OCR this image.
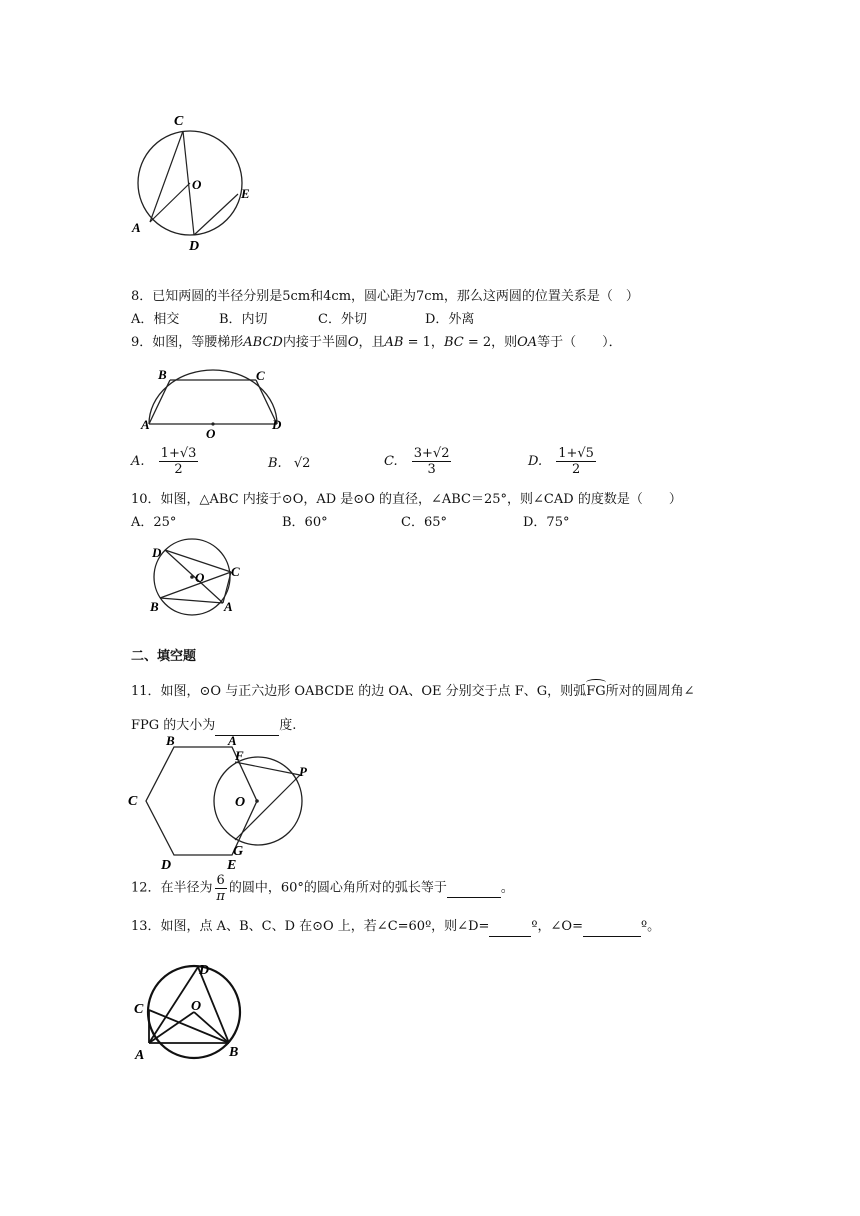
C
O
E
A
D
8．已知两圆的半径分别是5cm和4cm，圆心距为7cm，那么这两圆的位置关系是（　）
A．相交	B．内切	C．外切	D．外离
9．如图，等腰梯形ABCD内接于半圆O，且AB = 1，BC = 2，则OA等于（　　）．
B	C
A
O
D
A. $\frac{1+√3}{2}$	B. √2	C. $\frac{3+√2}{3}$	D. $\frac{1+√5}{2}$
10．如图，△ABC 内接于⊙O，AD 是⊙O 的直径，∠ABC＝25°，则∠CAD 的度数是（　　）
A．25°	B．60°	C．65°	D．75°
D
O C
B	A
二、填空题
11．如图，⊙O 与正六边形 OABCDE 的边 OA、OE 分别交于点 F、G，则弧FG所对的圆周角∠
FPG 的大小为	度.
B	A
F
P
C	O
D
G
E
12．在半径为 $\frac{6}{\pi}$ 的圆中，60°的圆心角所对的弧长等于	。
13．如图，点 A、B、C、D 在⊙O 上，若∠C=60º，则∠D=	º，∠O=	º。
D
C	O
A	B
